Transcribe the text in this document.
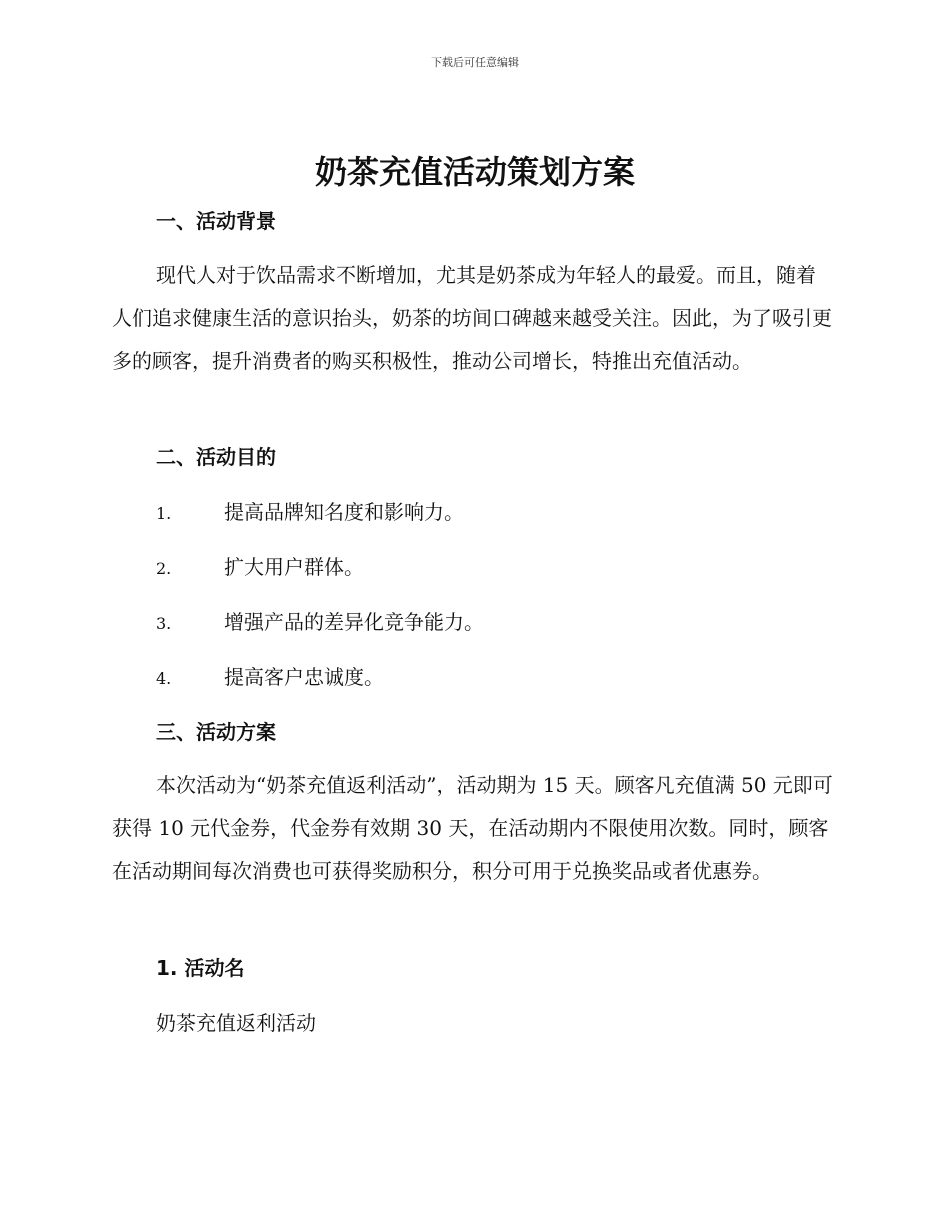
下载后可任意编辑
奶茶充值活动策划方案
一、活动背景

现代人对于饮品需求不断增加，尤其是奶茶成为年轻人的最爱。而且，随着人们追求健康生活的意识抬头，奶茶的坊间口碑越来越受关注。因此，为了吸引更多的顾客，提升消费者的购买积极性，推动公司增长，特推出充值活动。

二、活动目的
1.	提高品牌知名度和影响力。
2.	扩大用户群体。
3.	增强产品的差异化竞争能力。
4.	提高客户忠诚度。
三、活动方案

本次活动为“奶茶充值返利活动”，活动期为 15 天。顾客凡充值满 50 元即可获得 10 元代金券，代金券有效期 30 天，在活动期内不限使用次数。同时，顾客在活动期间每次消费也可获得奖励积分，积分可用于兑换奖品或者优惠券。

1. 活动名

奶茶充值返利活动
